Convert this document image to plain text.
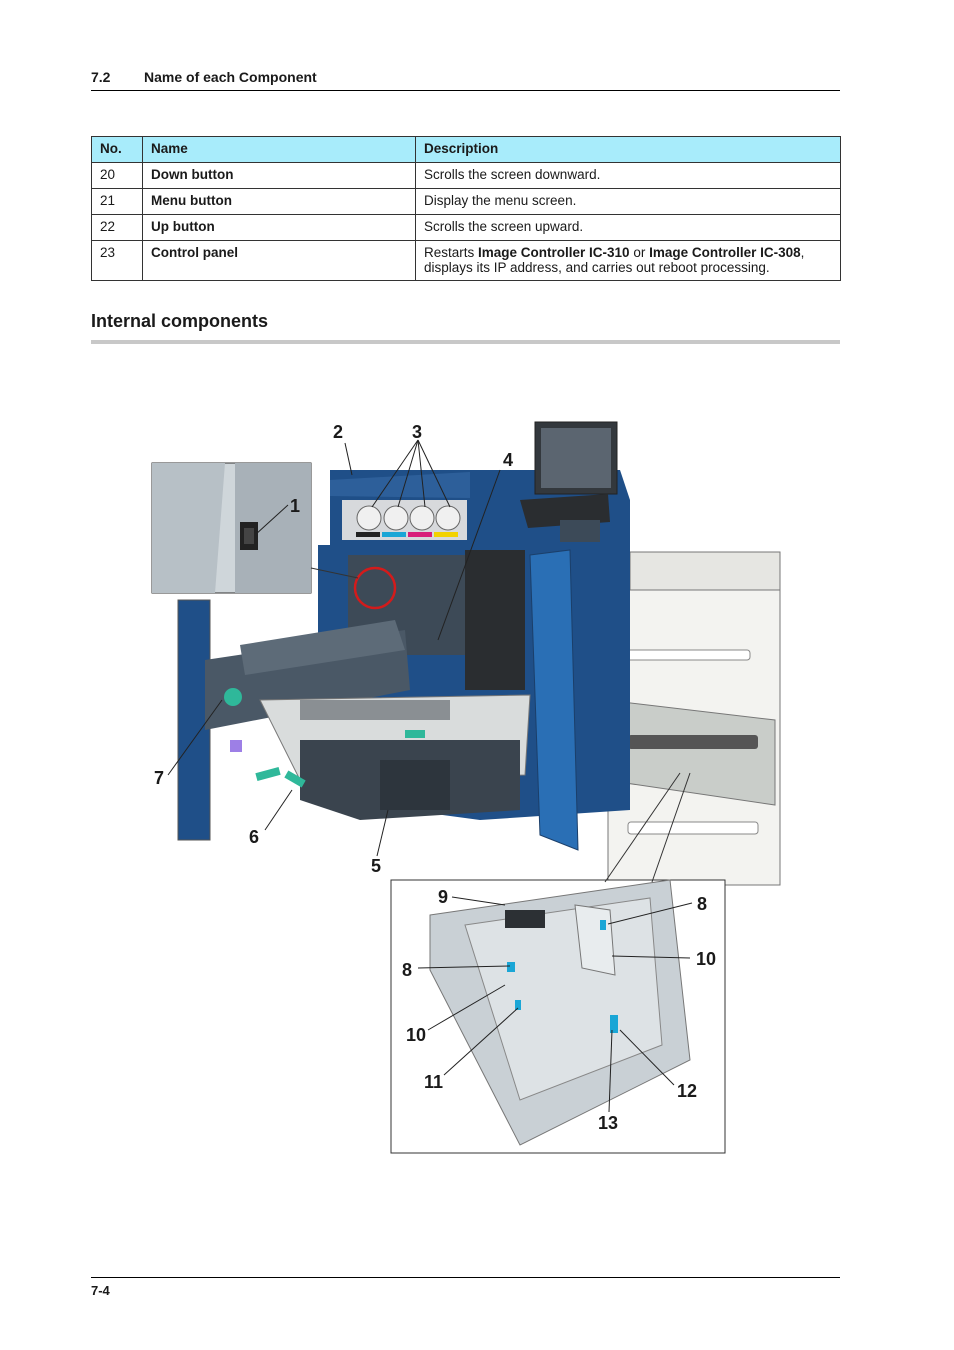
7.2 Name of each Component
No.	Name	Description
20	Down button	Scrolls the screen downward.
21	Menu button	Display the menu screen.
22	Up button	Scrolls the screen upward.
23	Control panel	Restarts Image Controller IC-310 or Image Controller IC-308,
displays its IP address, and carries out reboot processing.
Internal components
1
2	3
4
5
6
7
8
9
8
10
10
11	12
13
7-4
